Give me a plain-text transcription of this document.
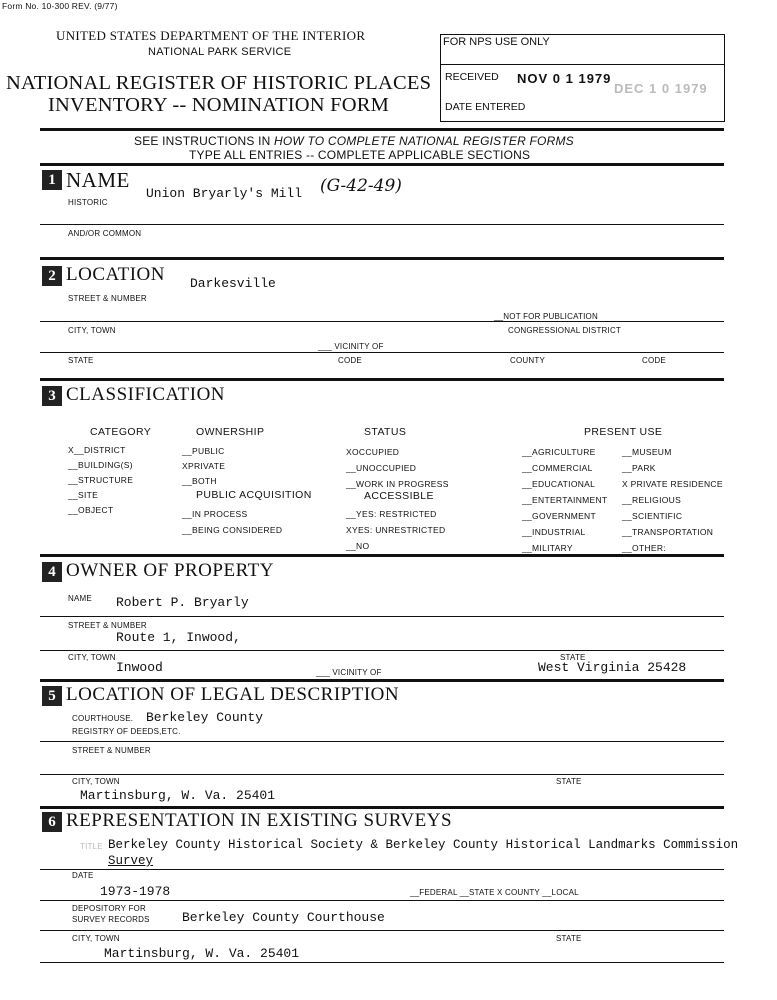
Form No. 10-300 REV. (9/77)
UNITED STATES DEPARTMENT OF THE INTERIOR
NATIONAL PARK SERVICE
NATIONAL REGISTER OF HISTORIC PLACES
INVENTORY -- NOMINATION FORM
FOR NPS USE ONLY
RECEIVED NOV 0 1 1979
DEC 1 0 1979
DATE ENTERED
SEE INSTRUCTIONS IN HOW TO COMPLETE NATIONAL REGISTER FORMS
TYPE ALL ENTRIES -- COMPLETE APPLICABLE SECTIONS
1 NAME
Union Bryarly's Mill (G-42-49)
HISTORIC
AND/OR COMMON
2 LOCATION Darkesville
STREET & NUMBER
__NOT FOR PUBLICATION
CITY, TOWN	CONGRESSIONAL DISTRICT
___ VICINITY OF
STATE	CODE	COUNTY	CODE
3 CLASSIFICATION
CATEGORY
X__DISTRICT
__BUILDING(S)
__STRUCTURE
__SITE
__OBJECT
OWNERSHIP
__PUBLIC
XPRIVATE
__BOTH
PUBLIC ACQUISITION
__IN PROCESS
__BEING CONSIDERED
STATUS
XOCCUPIED
__UNOCCUPIED
__WORK IN PROGRESS
ACCESSIBLE
__YES: RESTRICTED
XYES: UNRESTRICTED
__NO
PRESENT USE
__AGRICULTURE
__COMMERCIAL
__EDUCATIONAL
__ENTERTAINMENT
__GOVERNMENT
__INDUSTRIAL
__MILITARY
__MUSEUM
__PARK
X PRIVATE RESIDENCE
__RELIGIOUS
__SCIENTIFIC
__TRANSPORTATION
__OTHER:
4 OWNER OF PROPERTY
NAME Robert P. Bryarly
STREET & NUMBER
Route 1, Inwood,
CITY, TOWN
Inwood	___ VICINITY OF
STATE
West Virginia 25428
5 LOCATION OF LEGAL DESCRIPTION
COURTHOUSE. Berkeley County
REGISTRY OF DEEDS,ETC.
STREET & NUMBER
CITY, TOWN
Martinsburg, W. Va. 25401
STATE
6 REPRESENTATION IN EXISTING SURVEYS
TITLE Berkeley County Historical Society & Berkeley County Historical Landmarks Commission
Survey
DATE
1973-1978	__FEDERAL __STATE X COUNTY __LOCAL
DEPOSITORY FOR
SURVEY RECORDS Berkeley County Courthouse
CITY, TOWN
Martinsburg, W. Va. 25401
STATE
